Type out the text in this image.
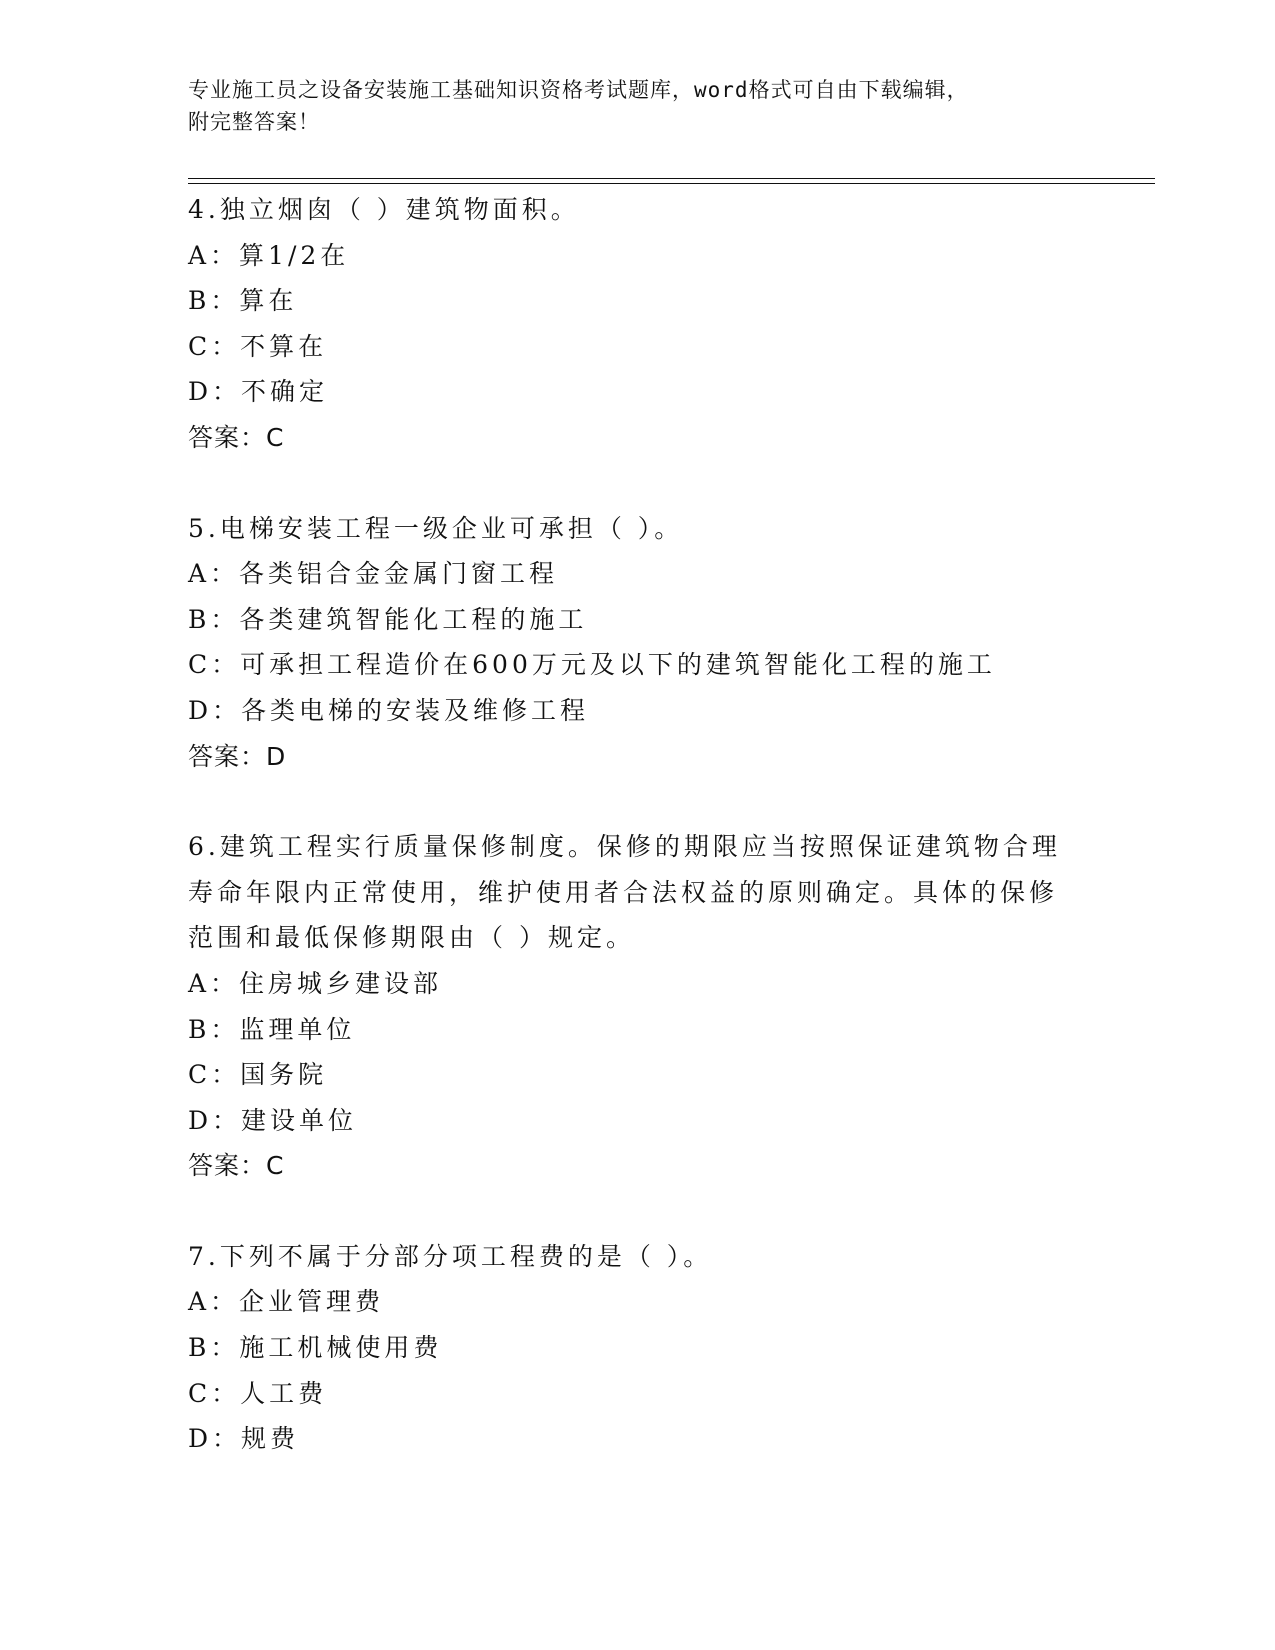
专业施工员之设备安装施工基础知识资格考试题库，word格式可自由下载编辑，
附完整答案！
4.独立烟囱（ ）建筑物面积。
A：算1/2在
B：算在
C：不算在
D：不确定
答案：C
5.电梯安装工程一级企业可承担（ ）。
A：各类铝合金金属门窗工程
B：各类建筑智能化工程的施工
C：可承担工程造价在600万元及以下的建筑智能化工程的施工
D：各类电梯的安装及维修工程
答案：D
6.建筑工程实行质量保修制度。保修的期限应当按照保证建筑物合理
寿命年限内正常使用，维护使用者合法权益的原则确定。具体的保修
范围和最低保修期限由（ ）规定。
A：住房城乡建设部
B：监理单位
C：国务院
D：建设单位
答案：C
7.下列不属于分部分项工程费的是（ ）。
A：企业管理费
B：施工机械使用费
C：人工费
D：规费
